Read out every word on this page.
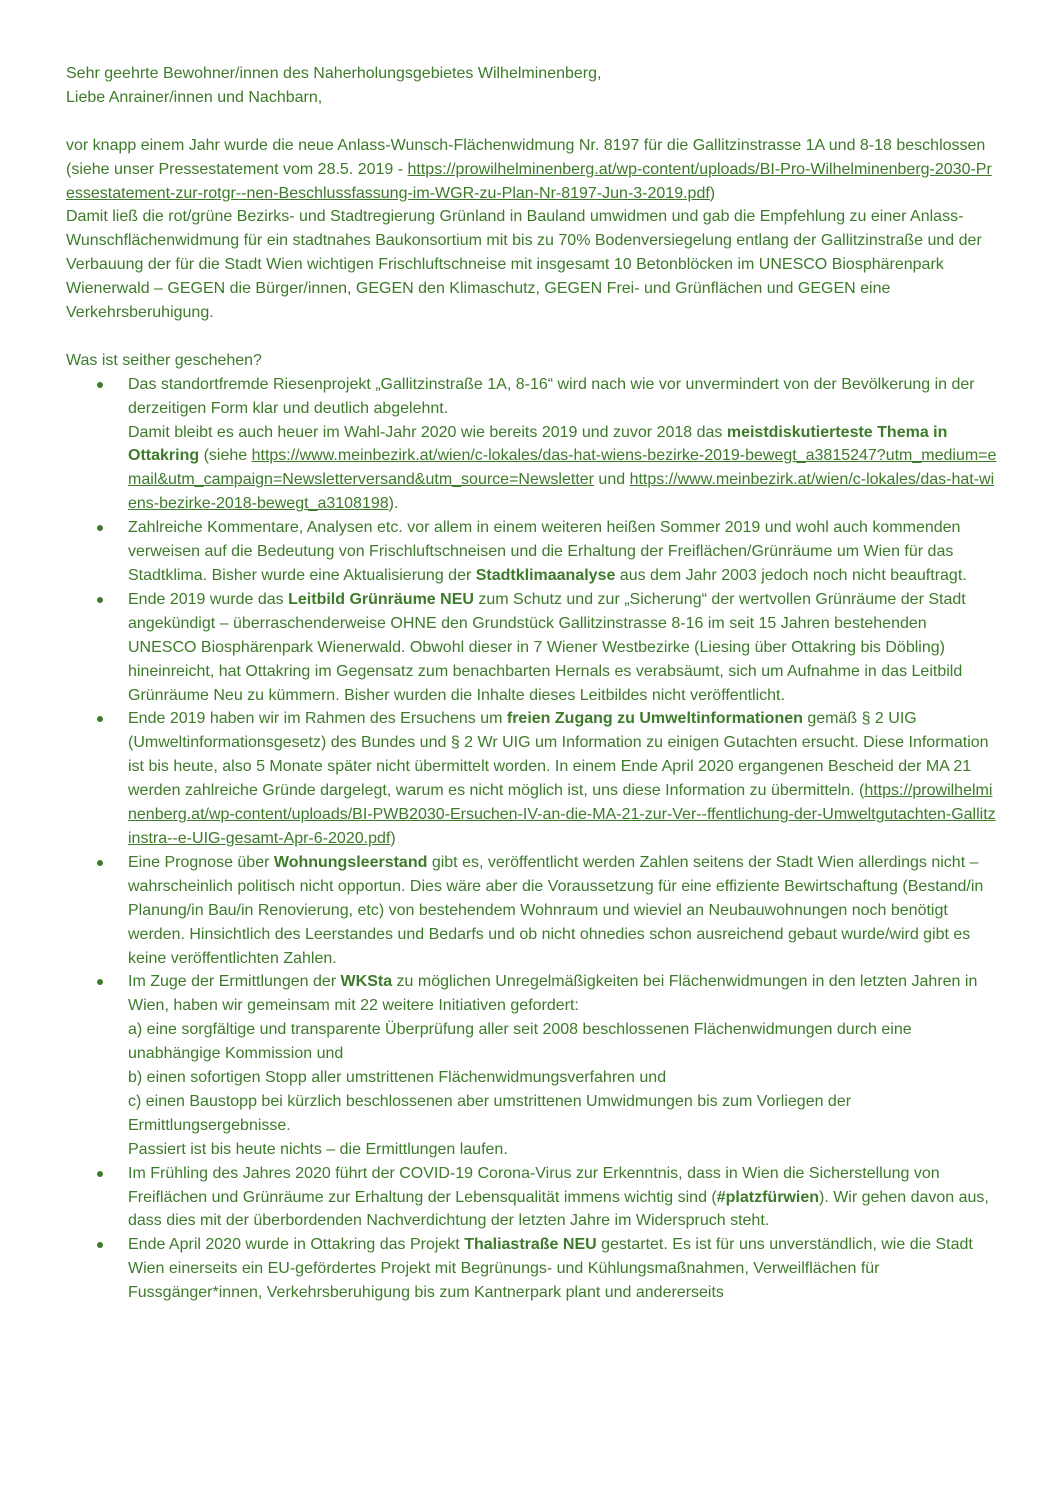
Sehr geehrte Bewohner/innen des Naherholungsgebietes Wilhelminenberg,

Liebe Anrainer/innen und Nachbarn,

vor knapp einem Jahr wurde die neue Anlass-Wunsch-Flächenwidmung Nr. 8197 für die Gallitzinstrasse 1A und 8-18 beschlossen (siehe unser Pressestatement vom 28.5. 2019 - https://prowilhelminenberg.at/wp-content/uploads/BI-Pro-Wilhelminenberg-2030-Pressestatement-zur-rotgr--nen-Beschlussfassung-im-WGR-zu-Plan-Nr-8197-Jun-3-2019.pdf)

Damit ließ die rot/grüne Bezirks- und Stadtregierung Grünland in Bauland umwidmen und gab die Empfehlung zu einer Anlass-Wunschflächenwidmung für ein stadtnahes Baukonsortium mit bis zu 70% Bodenversiegelung entlang der Gallitzinstraße und der Verbauung der für die Stadt Wien wichtigen Frischluftschneise mit insgesamt 10 Betonblöcken im UNESCO Biosphärenpark Wienerwald – GEGEN die Bürger/innen, GEGEN den Klimaschutz, GEGEN Frei- und Grünflächen und GEGEN eine Verkehrsberuhigung.

Was ist seither geschehen?

Das standortfremde Riesenprojekt „Gallitzinstraße 1A, 8-16“ wird nach wie vor unvermindert von der Bevölkerung in der derzeitigen Form klar und deutlich abgelehnt.

Damit bleibt es auch heuer im Wahl-Jahr 2020 wie bereits 2019 und zuvor 2018 das meistdiskutierteste Thema in Ottakring (siehe https://www.meinbezirk.at/wien/c-lokales/das-hat-wiens-bezirke-2019-bewegt_a3815247?utm_medium=email&utm_campaign=Newsletterversand&utm_source=Newsletter und https://www.meinbezirk.at/wien/c-lokales/das-hat-wiens-bezirke-2018-bewegt_a3108198).

Zahlreiche Kommentare, Analysen etc. vor allem in einem weiteren heißen Sommer 2019 und wohl auch kommenden verweisen auf die Bedeutung von Frischluftschneisen und die Erhaltung der Freiflächen/Grünräume um Wien für das Stadtklima. Bisher wurde eine Aktualisierung der Stadtklimaanalyse aus dem Jahr 2003 jedoch noch nicht beauftragt.

Ende 2019 wurde das Leitbild Grünräume NEU zum Schutz und zur „Sicherung“ der wertvollen Grünräume der Stadt angekündigt – überraschenderweise OHNE den Grundstück Gallitzinstrasse 8-16 im seit 15 Jahren bestehenden UNESCO Biosphärenpark Wienerwald. Obwohl dieser in 7 Wiener Westbezirke (Liesing über Ottakring bis Döbling) hineinreicht, hat Ottakring im Gegensatz zum benachbarten Hernals es verabsäumt, sich um Aufnahme in das Leitbild Grünräume Neu zu kümmern. Bisher wurden die Inhalte dieses Leitbildes nicht veröffentlicht.

Ende 2019 haben wir im Rahmen des Ersuchens um freien Zugang zu Umweltinformationen gemäß § 2 UIG (Umweltinformationsgesetz) des Bundes und § 2 Wr UIG um Information zu einigen Gutachten ersucht. Diese Information ist bis heute, also 5 Monate später nicht übermittelt worden. In einem Ende April 2020 ergangenen Bescheid der MA 21 werden zahlreiche Gründe dargelegt, warum es nicht möglich ist, uns diese Information zu übermitteln. (https://prowilhelminenberg.at/wp-content/uploads/BI-PWB2030-Ersuchen-IV-an-die-MA-21-zur-Ver--ffentlichung-der-Umweltgutachten-Gallitzinstra--e-UIG-gesamt-Apr-6-2020.pdf)

Eine Prognose über Wohnungsleerstand gibt es, veröffentlicht werden Zahlen seitens der Stadt Wien allerdings nicht – wahrscheinlich politisch nicht opportun. Dies wäre aber die Voraussetzung für eine effiziente Bewirtschaftung (Bestand/in Planung/in Bau/in Renovierung, etc) von bestehendem Wohnraum und wieviel an Neubauwohnungen noch benötigt werden. Hinsichtlich des Leerstandes und Bedarfs und ob nicht ohnedies schon ausreichend gebaut wurde/wird gibt es keine veröffentlichten Zahlen.

Im Zuge der Ermittlungen der WKSta zu möglichen Unregelmäßigkeiten bei Flächenwidmungen in den letzten Jahren in Wien, haben wir gemeinsam mit 22 weitere Initiativen gefordert:

a) eine sorgfältige und transparente Überprüfung aller seit 2008 beschlossenen Flächenwidmungen durch eine unabhängige Kommission und

b) einen sofortigen Stopp aller umstrittenen Flächenwidmungsverfahren und

c) einen Baustopp bei kürzlich beschlossenen aber umstrittenen Umwidmungen bis zum Vorliegen der Ermittlungsergebnisse.

Passiert ist bis heute nichts – die Ermittlungen laufen.

Im Frühling des Jahres 2020 führt der COVID-19 Corona-Virus zur Erkenntnis, dass in Wien die Sicherstellung von Freiflächen und Grünräume zur Erhaltung der Lebensqualität immens wichtig sind (#platzfürwien). Wir gehen davon aus, dass dies mit der überbordenden Nachverdichtung der letzten Jahre im Widerspruch steht.

Ende April 2020 wurde in Ottakring das Projekt Thaliastraße NEU gestartet. Es ist für uns unverständlich, wie die Stadt Wien einerseits ein EU-gefördertes Projekt mit Begrünungs- und Kühlungsmaßnahmen, Verweilflächen für Fussgänger*innen, Verkehrsberuhigung bis zum Kantnerpark plant und andererseits
